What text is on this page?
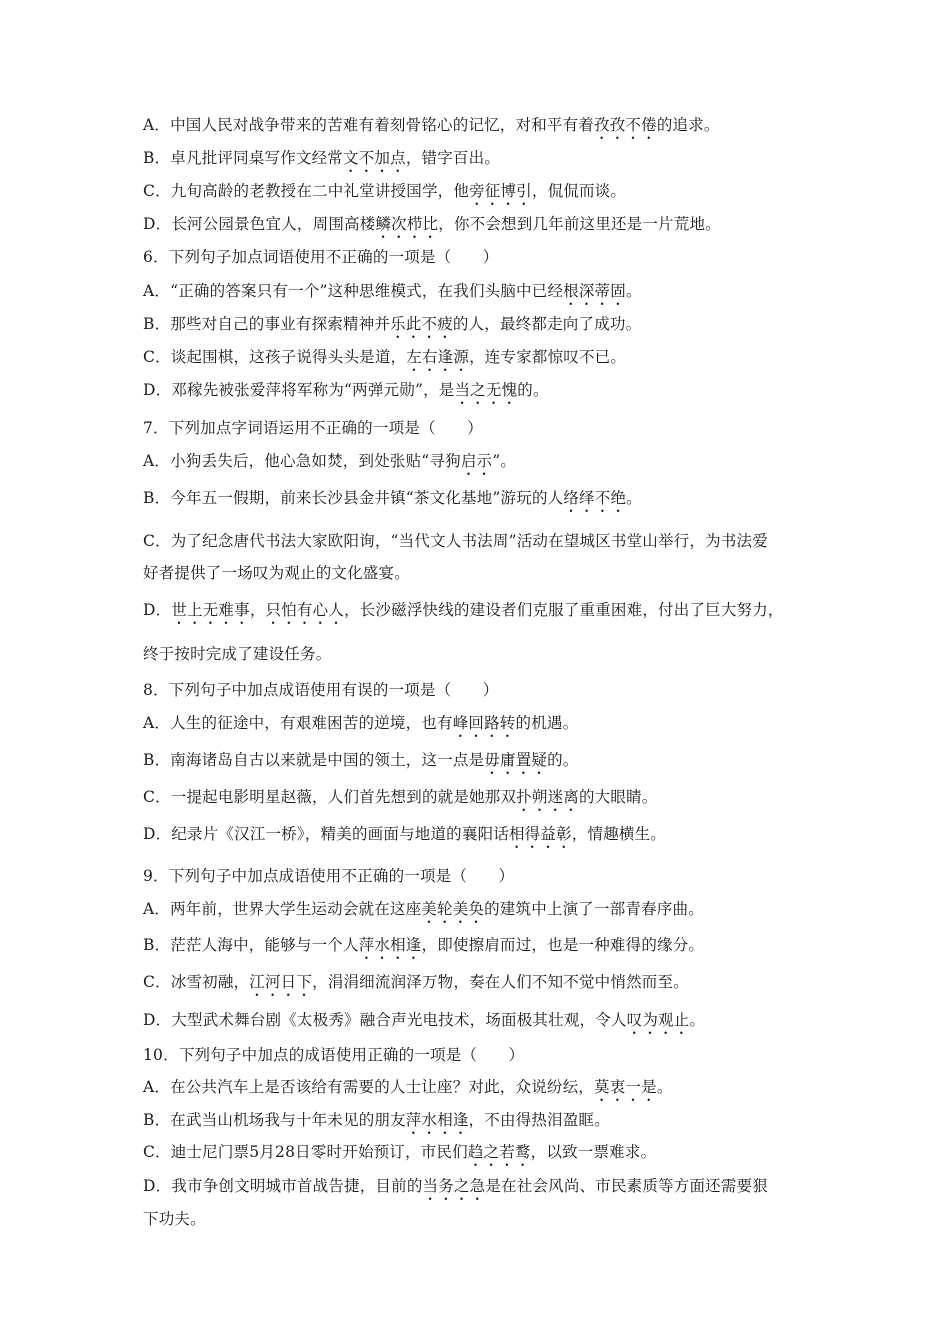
A．中国人民对战争带来的苦难有着刻骨铭心的记忆，对和平有着孜孜不倦的追求。
B．卓凡批评同桌写作文经常文不加点，错字百出。
C．九旬高龄的老教授在二中礼堂讲授国学，他旁征博引，侃侃而谈。
D．长河公园景色宜人，周围高楼鳞次栉比，你不会想到几年前这里还是一片荒地。
6．下列句子加点词语使用不正确的一项是（　　）
A．“正确的答案只有一个”这种思维模式，在我们头脑中已经根深蒂固。
B．那些对自己的事业有探索精神并乐此不疲的人，最终都走向了成功。
C．谈起围棋，这孩子说得头头是道，左右逢源，连专家都惊叹不已。
D．邓稼先被张爱萍将军称为“两弹元勋”，是当之无愧的。
7．下列加点字词语运用不正确的一项是（　　）
A．小狗丢失后，他心急如焚，到处张贴“寻狗启示”。
B．今年五一假期，前来长沙县金井镇“茶文化基地”游玩的人络绎不绝。
C．为了纪念唐代书法大家欧阳询，“当代文人书法周”活动在望城区书堂山举行，为书法爱
好者提供了一场叹为观止的文化盛宴。
D．世上无难事，只怕有心人，长沙磁浮快线的建设者们克服了重重困难，付出了巨大努力，
终于按时完成了建设任务。
8．下列句子中加点成语使用有误的一项是（　　）
A．人生的征途中，有艰难困苦的逆境，也有峰回路转的机遇。
B．南海诸岛自古以来就是中国的领土，这一点是毋庸置疑的。
C．一提起电影明星赵薇，人们首先想到的就是她那双扑朔迷离的大眼睛。
D．纪录片《汉江一桥》，精美的画面与地道的襄阳话相得益彰，情趣横生。
9．下列句子中加点成语使用不正确的一项是（　　）
A．两年前，世界大学生运动会就在这座美轮美奂的建筑中上演了一部青春序曲。
B．茫茫人海中，能够与一个人萍水相逢，即使擦肩而过，也是一种难得的缘分。
C．冰雪初融，江河日下，涓涓细流润泽万物，奏在人们不知不觉中悄然而至。
D．大型武术舞台剧《太极秀》融合声光电技术，场面极其壮观，令人叹为观止。
10．下列句子中加点的成语使用正确的一项是（　　）
A．在公共汽车上是否该给有需要的人士让座？对此，众说纷纭，莫衷一是。
B．在武当山机场我与十年未见的朋友萍水相逢，不由得热泪盈眶。
C．迪士尼门票5月28日零时开始预订，市民们趋之若鹜，以致一票难求。
D．我市争创文明城市首战告捷，目前的当务之急是在社会风尚、市民素质等方面还需要狠
下功夫。
